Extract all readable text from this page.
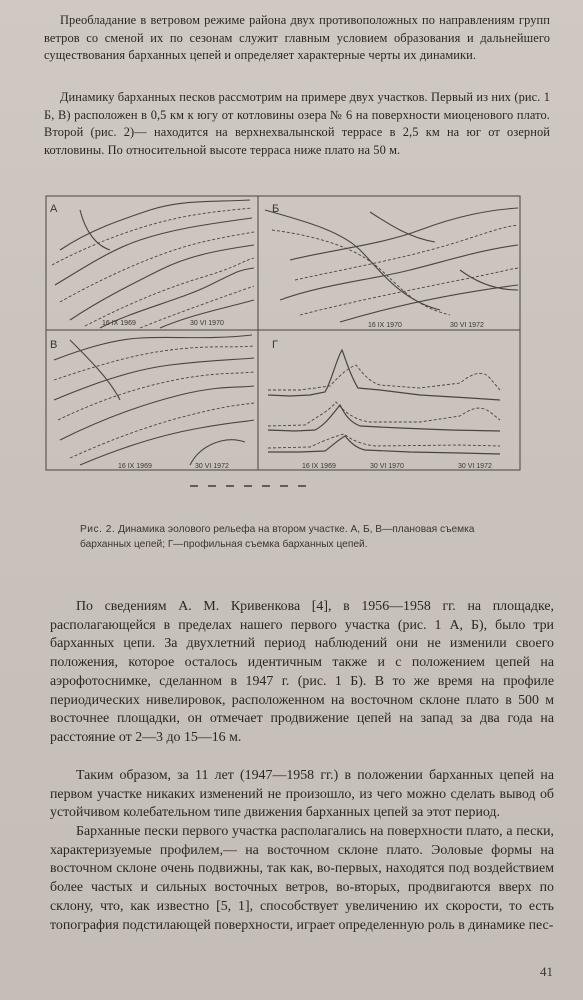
Преобладание в ветровом режиме района двух противоположных по направлениям групп ветров со сменой их по сезонам служит главным условием образования и дальнейшего существования барханных цепей и определяет характерные черты их динамики.

Динамику барханных песков рассмотрим на примере двух участков. Первый из них (рис. 1 Б, В) расположен в 0,5 км к югу от котловины озера № 6 на поверхности миоценового плато. Второй (рис. 2)— находится на верхнехвалынской террасе в 2,5 км на юг от озерной котловины. По относительной высоте терраса ниже плато на 50 м.

А	Б
В	Г
16 IX 1969	30 VI 1970	16 IX 1970	30 VI 1972
16 IX 1969	30 VI 1972	16 IX 1969	30 VI 1970	30 VI 1972
Рис. 2. Динамика эолового рельефа на втором участке. А, Б, В—плановая съемка барханных цепей; Г—профильная съемка барханных цепей.

По сведениям А. М. Кривенкова [4], в 1956—1958 гг. на площадке, располагающейся в пределах нашего первого участка (рис. 1 А, Б), было три барханных цепи. За двухлетний период наблюдений они не изменили своего положения, которое осталось идентичным также и с положением цепей на аэрофотоснимке, сделанном в 1947 г. (рис. 1 Б). В то же время на профиле периодических нивелировок, расположенном на восточном склоне плато в 500 м восточнее площадки, он отмечает продвижение цепей на запад за два года на расстояние от 2—3 до 15—16 м.

Таким образом, за 11 лет (1947—1958 гг.) в положении барханных цепей на первом участке никаких изменений не произошло, из чего можно сделать вывод об устойчивом колебательном типе движения барханных цепей за этот период.

Барханные пески первого участка располагались на поверхности плато, а пески, характеризуемые профилем,— на восточном склоне плато. Эоловые формы на восточном склоне очень подвижны, так как, во-первых, находятся под воздействием более частых и сильных восточных ветров, во-вторых, продвигаются вверх по склону, что, как известно [5, 1], способствует увеличению их скорости, то есть топография подстилающей поверхности, играет определенную роль в динамике пес-

41
